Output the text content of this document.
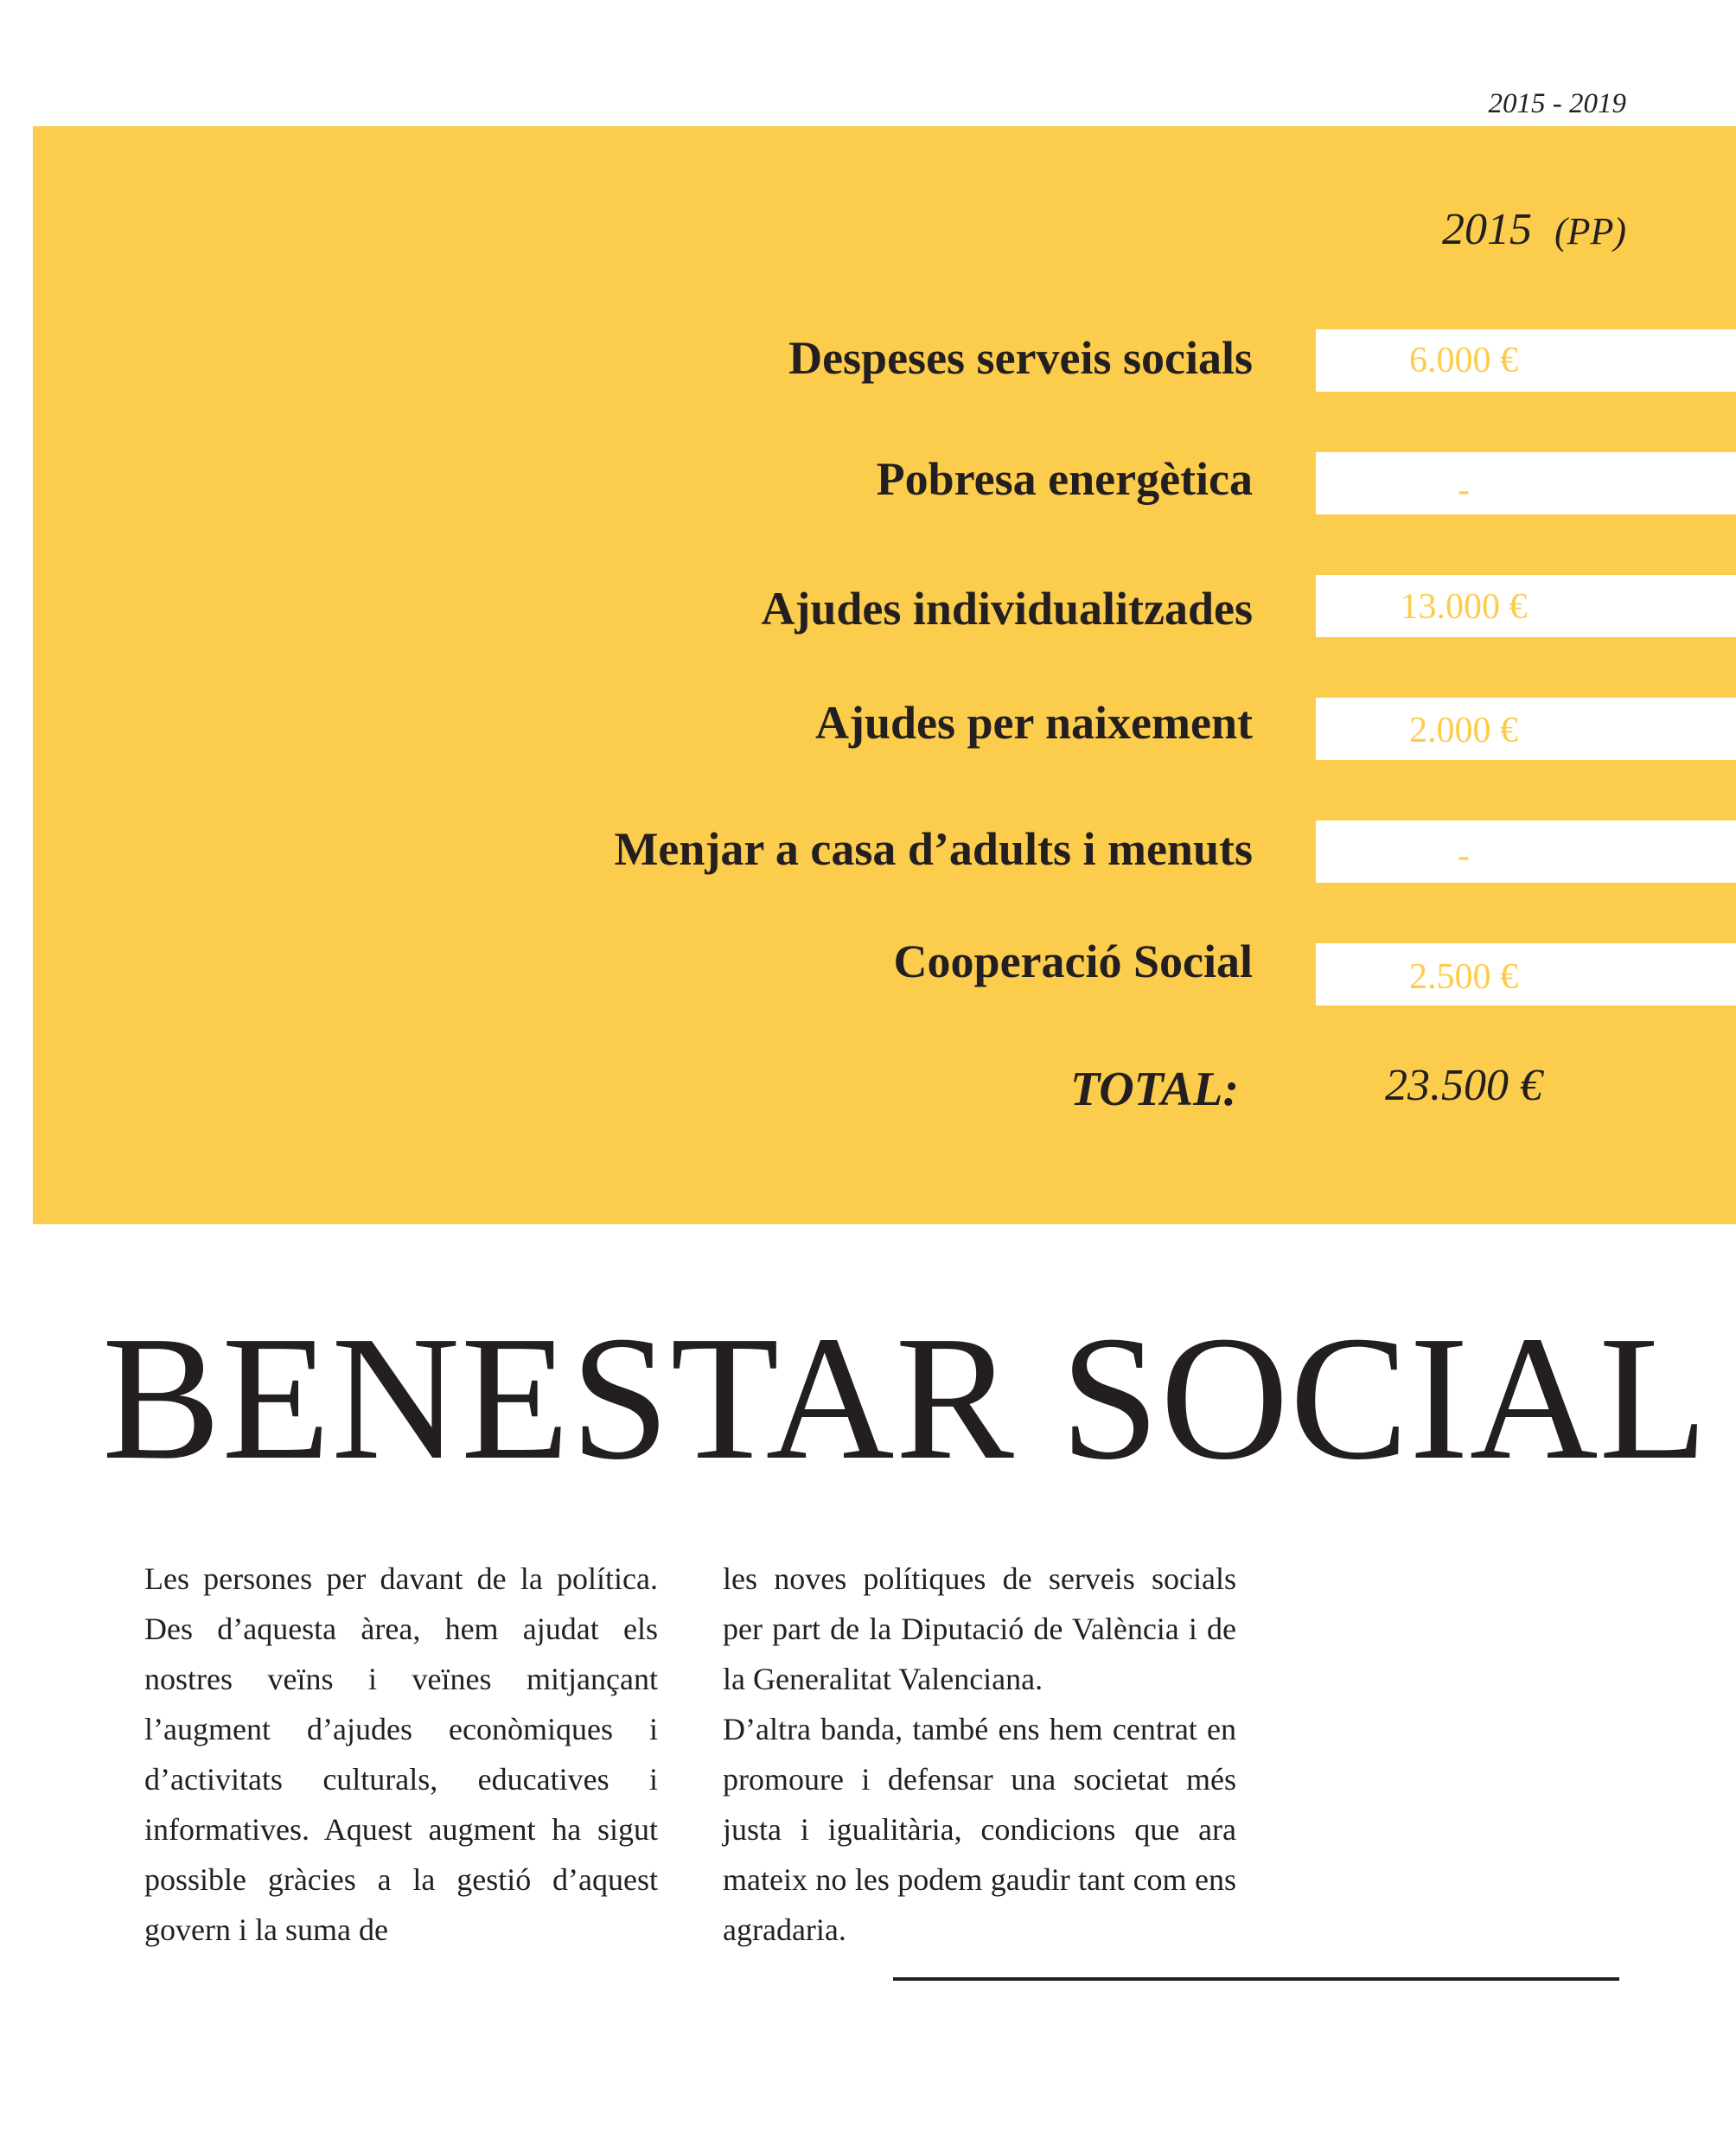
2015 - 2019
2015 (PP)
Despeses serveis socials	6.000 €
Pobresa energètica	-
Ajudes individualitzades	13.000 €
Ajudes per naixement	2.000 €
Menjar a casa d’adults i menuts	-
Cooperació Social	2.500 €
TOTAL:	23.500 €
BENESTAR SOCIAL

Les persones per davant de la política. Des d’aquesta àrea, hem ajudat els nostres veïns i veïnes mitjançant l’augment d’ajudes econòmiques i d’activitats culturals, educatives i informatives. Aquest augment ha sigut possible gràcies a la gestió d’aquest govern i la suma de

les noves polítiques de serveis socials per part de la Diputació de València i de la Generalitat Valenciana.

D’altra banda, també ens hem centrat en promoure i defensar una societat més justa i igualitària, condicions que ara mateix no les podem gaudir tant com ens agradaria.
